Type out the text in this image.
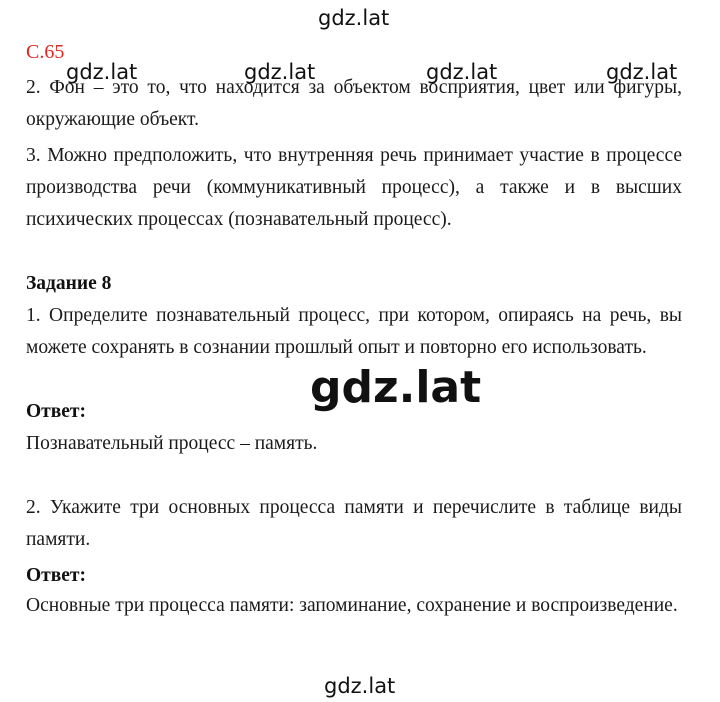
gdz.lat
С.65
gdz.lat	gdz.lat	gdz.lat	gdz.lat

2. Фон – это то, что находится за объектом восприятия, цвет или фигуры, окружающие объект.

3. Можно предположить, что внутренняя речь принимает участие в процессе производства речи (коммуникативный процесс), а также и в высших психических процессах (познавательный процесс).

Задание 8

1. Определите познавательный процесс, при котором, опираясь на речь, вы можете сохранять в сознании прошлый опыт и повторно его использовать.

gdz.lat
Ответ:

Познавательный процесс – память.

2. Укажите три основных процесса памяти и перечислите в таблице виды памяти.

Ответ:

Основные три процесса памяти: запоминание, сохранение и воспроизведение.

gdz.lat
